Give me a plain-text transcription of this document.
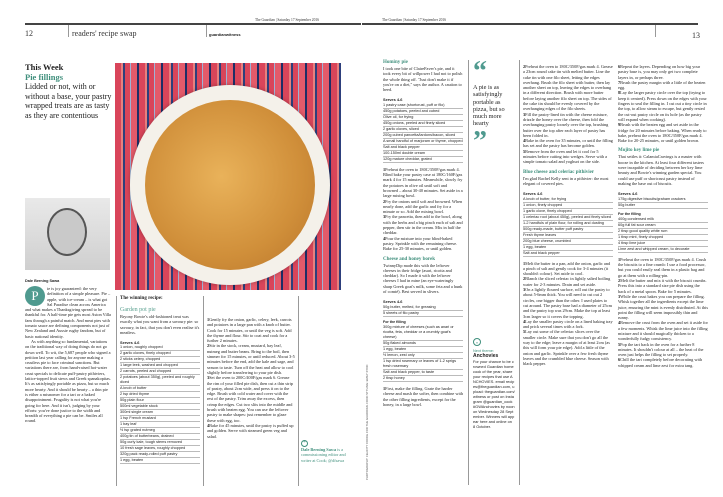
The Guardian | Saturday 17 September 2016
12	readers' recipe swap	guardianwitness
This Week
Pie fillings
Lidded or not, with or without a base, your pastry wrapped treats are as tasty as they are contentious
Dale Berning Sawa
P	ie is joy guaranteed: the very definition of a simple pleasure. Pie – apple, with ice-cream – is what got Sal Paradise clean across America and what makes a Thanksgiving spread to be thankful for. A half-time pie gets most Aston Villa fans through a painful match. And meat pies with tomato sauce are defining components not just of New Zealand and Aussie rugby fandom, but of basic national identity.

As with anything so fundamental, variations on the traditional way of doing things do not go down well. To wit, the 5,687 people who signed a petition last year calling for anyone making a crustless pie to face criminal sanctions. But variations there are, from hand-raised hot-water crust specials to delicate puff-pastry pithiviers, lattice-topped fruit stews and Greek spanakopitas. It's as satisfyingly portable as pizza, but so much more hearty. And it should be hearty – a thin pie is either a misnomer for a tart or a baked disappointment. Frugality is not what you're going for here. And it isn't, judging by your efforts: you've done justice to the width and breadth of everything a pie can be. Smiles all round.

The winning recipe:
Garden pot pie
Bryony Bowie's old-fashioned treat was exactly what you want from a savoury pie: so savoury, in fact, that you don't even realise it's meatless.
Serves 4-6
1 onion, roughly chopped
2 garlic cloves, finely chopped
2 sticks celery, chopped
1 large leek, washed and chopped
2 carrots, peeled and chopped
2 potatoes (about 350g), peeled and roughly diced
A knob of butter
2 tsp dried thyme
50g plain flour
500ml vegetable stock
300ml single cream
1 tsp French mustard
1 bay leaf
½ tsp grated nutmeg
400g tin of butterbeans, drained
50g curly kale, tough stems removed
10 fresh sage leaves, roughly chopped
320g pack ready-rolled puff pastry
1 egg, beaten

1Gently fry the onion, garlic, celery, leek, carrots and potatoes in a large pan with a knob of butter. Cook for 15 minutes, or until the veg is soft. Add the thyme and flour. Stir to coat and cook for a further 2 minutes.

2Stir in the stock, cream, mustard, bay leaf, nutmeg and butter beans. Bring to the boil, then simmer for 15 minutes, or until reduced. About 3-5 minutes before the end, add the kale and sage, and season to taste. Turn off the heat and allow to cool slightly before transferring to your pie dish.

3Set the oven to 200C/400F/gas mark 6. Grease the rim of your filled pie dish, then cut a thin strip of pastry, about 2cm wide, and press it on to the edge. Brush with cold water and cover with the rest of the pastry. Trim away the excess, then crimp the edges. Cut two slits into the middle and brush with beaten egg. You can use the leftover pastry to make shapes: just remember to glaze these with egg, too.

4Bake for 45 minutes, until the pastry is puffed up and golden. Serve with steamed green veg and salad.

*
Dale Berning Sawa is a commissioning editor and writer at Cook; @dfsawa
The Guardian | Saturday 17 September 2016
13
PHOTOGRAPHY: FELICITY COOKE FOR THE GUARDIAN. FOOD STYLING: EMILY KYDD
Hominy pie
I took one bite of ClaireFaver's pie, and it took every bit of willpower I had not to polish the whole thing off. "Just don't make it if you're on a diet," says the author. A caution to heed.
Serves 4-6
1 pastry case (shortcrust, puff or filo)
450g potatoes, peeled and cubed
Olive oil, for frying
450g onions, peeled and finely sliced
2 garlic cloves, sliced
200g cubed pancetta/lardons/bacon, sliced
A small handful of marjoram or thyme, chopped
Salt and black pepper
100-150ml double cream
120g mature cheddar, grated

1Preheat the oven to 180C/350F/gas mark 4. Blind bake your pastry case at 180C/160F/gas mark 4 for 15 minutes. Meanwhile, slowly fry the potatoes in olive oil until soft and browned – about 30-40 minutes. Set aside in a large mixing bowl.

2Fry the onions until soft and browned. When nearly done, add the garlic and fry for a minute or so. Add the mixing bowl.

3Fry the pancetta, then add to the bowl, along with the herbs and a big pinch each of salt and pepper, then stir in the cream. Mix in half the cheddar.

4Pour the mixture into your blind-baked pastry. Sprinkle with the remaining cheese. Bake for 25-30 minutes, or until golden.

Cheese and honey borek
TwinnyDip made this with the leftover cheeses in their fridge (asari, ricotta and cheddar). So I made it with the leftover cheeses I had in mine (an eye-wateringly sharp Greek goat's milk, some feta and a hunk of comté). Best served in slivers.
Serves 4-6
50g butter, melted, for greasing
5 sheets of filo pastry
For the filling
300g mixture of cheeses (such as anari or ricotta, feta, cheddar or a crumbly goat's cheese)
50g flaked almonds
1 egg, beaten
½ lemon, zest only
1 tsp dried rosemary or leaves of 1-2 sprigs fresh rosemary
Salt and black pepper, to taste
2 tbsp honey

1First, make the filling. Grate the harder cheese and mash the softer, then combine with the other filling ingredients, except for the honey, in a large bowl.

“
A pie is as satisfyingly portable as pizza, but so much more hearty
”
»
Next theme:
Anchovies
For your chance to be crowned Guardian home cook of the year, share your recipes that use ANCHOVIES. email recipes@theguardian.com, upload: theguardian.com/witness or post on Instagram @guardian_cook #GWAnchovies by noon on Wednesday 28 September. Winners will appear here and online on 8 October.

2Preheat the oven to 180C/350F/gas mark 4. Grease a 23cm round cake tin with melted butter. Line the cake tin with one filo sheet, letting the edges overhang. Brush the filo sheet with butter, then lay another sheet on top, leaving the edges to overhang in a different direction. Brush with more butter before laying another filo sheet on top. The sides of the cake tin should be evenly covered by the overhanging edges of the filo sheets.

3Fill the pastry-lined tin with the cheese mixture, drizzle the honey over the cheese, then fold the overhanging pastry loosely over the top, brushing butter over the top after each layer of pastry has been folded in.

4Bake in the oven for 35 minutes, or until the filling has set and the pastry has become golden.

5Remove from the oven and let it cool for 5 minutes before cutting into wedges. Serve with a simple tomato salad and yoghurt on the side.

Blue cheese and celeriac pithivier
I'm glad Rachel Kelly sent in a pithivier: the most elegant of covered pies.
Serves 4-6
A knob of butter, for frying
1 onion, finely chopped
1 garlic clove, finely chopped
1 celeriac root (about 450g), peeled and finely sliced
1-2 handfuls of plain flour, for rolling and dusting
500g ready-made, butter puff pastry
Fresh thyme leaves
200g blue cheese, crumbled
1 egg, beaten
Salt and black pepper

1Melt the butter in a pan, add the onion, garlic and a pinch of salt and gently cook for 3-4 minutes (it shouldn't colour). Set aside to cool.

2Blanch the sliced celeriac in lightly salted boiling water for 2-3 minutes. Drain and set aside.

3On a lightly floured surface, roll out the pastry to about 5-6mm thick. You will need to cut out 2 circles, one bigger than the other. I used plates to cut around. The pastry base had a diameter of 25cm and the pastry top was 29cm. Make the top at least 3cm larger so it covers the topping.

4Lay the smaller pastry circle on a lined baking tray and prick several times with a fork.

5Lay out some of the celeriac slices over the smaller circle. Make sure that you don't go all the way to the edge; leave a margin of at least 2cm (as this will form your pie edge). Add a little of the onion and garlic. Sprinkle over a few fresh thyme leaves and the crumbled blue cheese. Season with black pepper.

6Repeat the layers. Depending on how big your pastry base is, you may only get two complete layers in, or perhaps three.

7Brush the pastry margin with a little of the beaten egg.

8Lay the larger pastry circle over the top (trying to keep it centred). Press down on the edges with your fingers to seal the filling in. I cut out a tiny circle in the top, to allow steam to escape, but gently rested the cut-out pastry circle on its hole (as the pastry will expand when cooking).

9Brush with the beaten egg and set aside in the fridge for 20 minutes before baking. When ready to bake, preheat the oven to 180C/350F/gas mark 4. Bake for 20-25 minutes, or until golden brown.

Mojito key lime pie
That settles it: CalamiaCravings is a master with booze in the kitchen. At least four different tasters were incapable of deciding between her key lime beauty and Bowie's winning garden special. You could use puff or shortcrust pastry instead of making the base out of biscuits.
Serves 4-6
175g digestive biscuits/graham crackers
50g butter
For the filling
400g condensed milk
60g full fat sour cream
2 tbsp good quality white rum
1 tbsp mint, finely chopped
4 tbsp lime juice
Lime zest and whipped cream, to decorate

1Preheat the oven to 180C/350F/gas mark 4. Crush the biscuits to a fine crumb: I use a food processor, but you could easily seal them in a plastic bag and go at them with a rolling-pin.

2Melt the butter and mix it with the biscuit crumbs. Press this into a standard size pie dish using the back of a metal spoon. Bake for 5 minutes.

3While the crust bakes you can prepare the filling. Whisk together all the ingredients except the lime juice, ensuring the mint is evenly distributed. At this point the filling will seem impossibly thin and runny.

4Remove the crust from the oven and set it aside for a few moments. Whisk the lime juice into the filling mixture and it should magically thicken to a wonderfully fudgy consistency.

5Pop the tart back in the oven for a further 8 minutes. It shouldn't colour at all – the heat of the oven just helps the filling to set properly.

6Chill the tart completely before decorating with whipped cream and lime zest for extra tang.
